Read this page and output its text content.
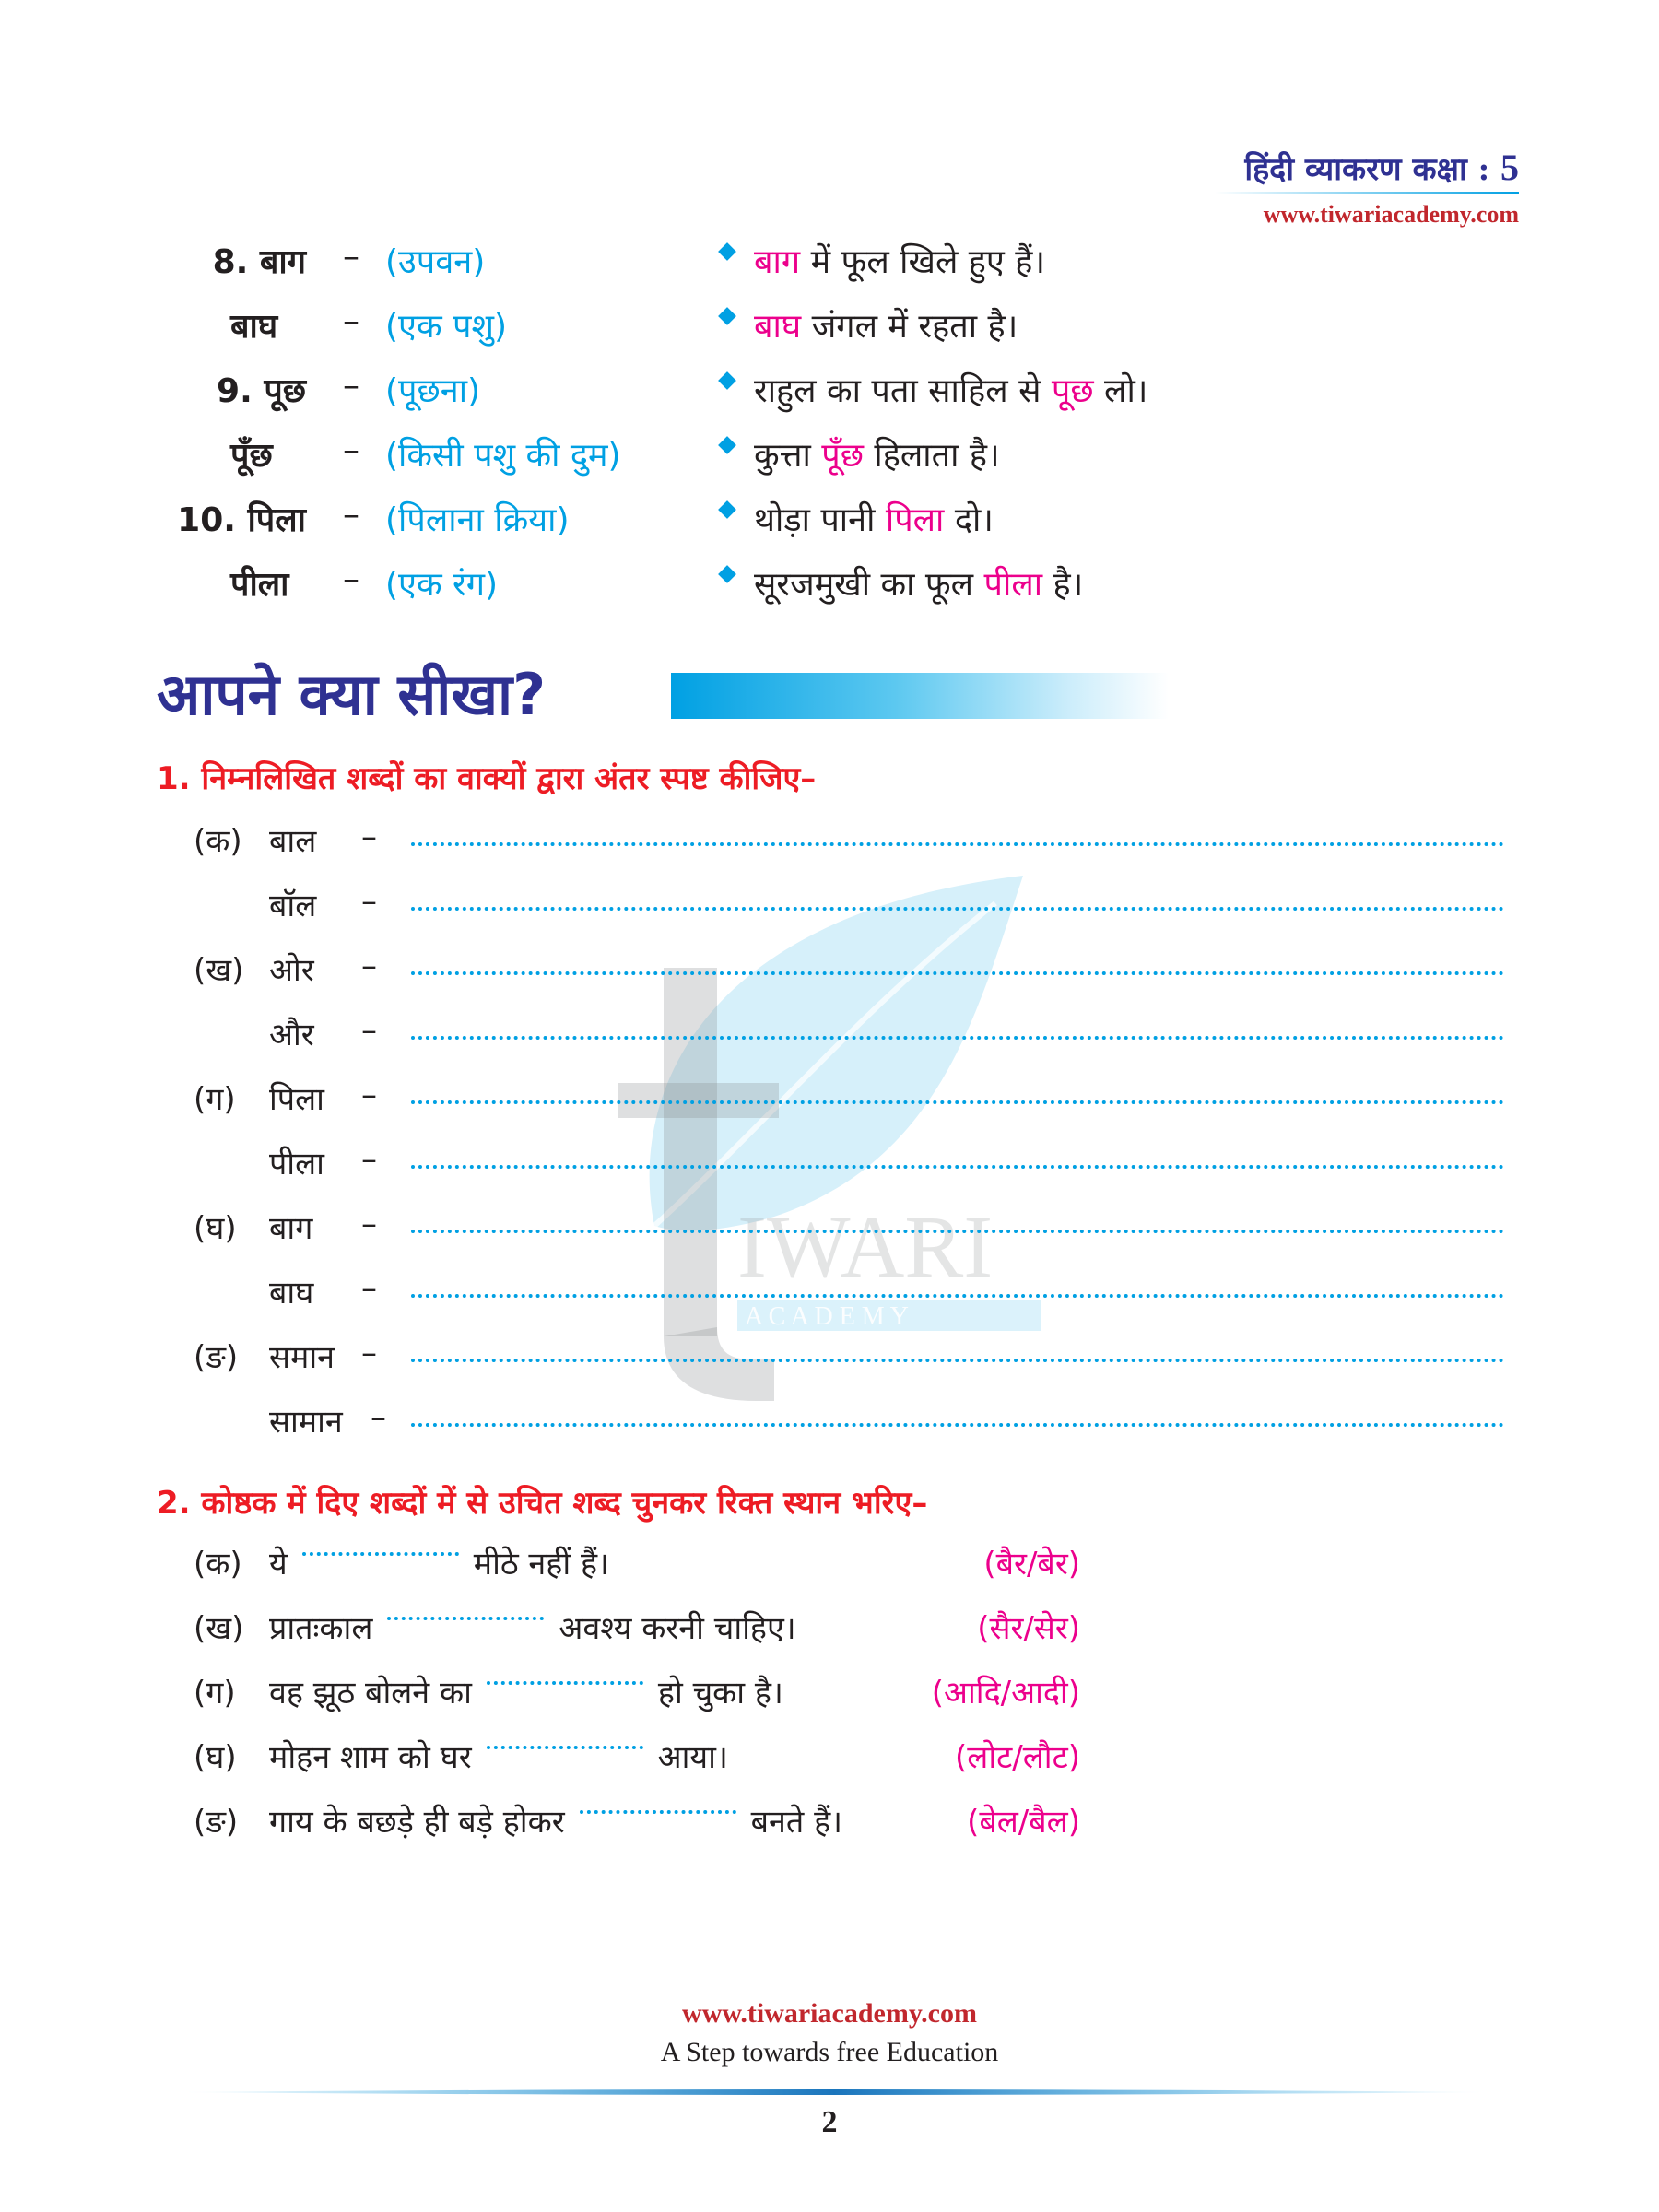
हिंदी व्याकरण कक्षा : 5
www.tiwariacademy.com
IWARI
A C A D E M Y
8. बाग – (उपवन)	बाग में फूल खिले हुए हैं।
बाघ – (एक पशु)	बाघ जंगल में रहता है।
9. पूछ – (पूछना)	राहुल का पता साहिल से पूछ लो।
पूँछ – (किसी पशु की दुम)	कुत्ता पूँछ हिलाता है।
10. पिला – (पिलाना क्रिया)	थोड़ा पानी पिला दो।
पीला – (एक रंग)	सूरजमुखी का फूल पीला है।
आपने क्या सीखा?
1. निम्नलिखित शब्दों का वाक्यों द्वारा अंतर स्पष्ट कीजिए–
(क) बाल –
बॉल –
(ख) ओर –
और –
(ग) पिला –
पीला –
(घ) बाग –
बाघ –
(ङ) समान –
सामान –
2. कोष्ठक में दिए शब्दों में से उचित शब्द चुनकर रिक्त स्थान भरिए–
(क) ये	मीठे नहीं हैं।	(बैर/बेर)
(ख) प्रातःकाल	अवश्य करनी चाहिए।	(सैर/सेर)
(ग) वह झूठ बोलने का	हो चुका है।	(आदि/आदी)
(घ) मोहन शाम को घर	आया।	(लोट/लौट)
(ङ) गाय के बछड़े ही बड़े होकर	बनते हैं।	(बेल/बैल)
www.tiwariacademy.com
A Step towards free Education
2
